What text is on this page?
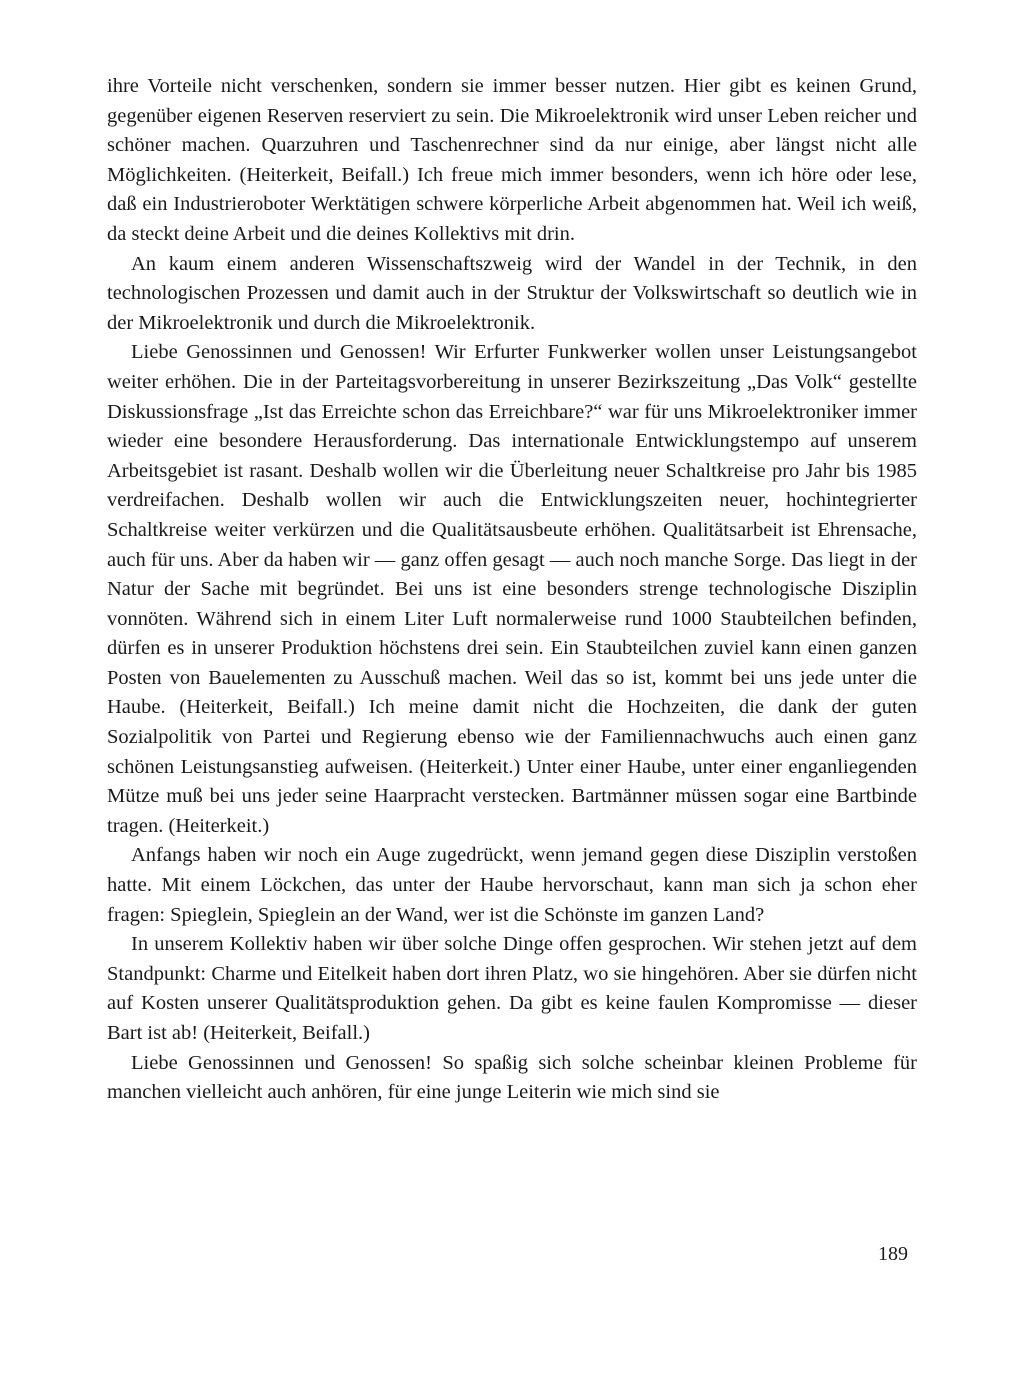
ihre Vorteile nicht verschenken, sondern sie immer besser nutzen. Hier gibt es keinen Grund, gegenüber eigenen Reserven reserviert zu sein. Die Mikroelektronik wird unser Leben reicher und schöner machen. Quarzuhren und Taschenrechner sind da nur einige, aber längst nicht alle Möglichkeiten. (Heiterkeit, Beifall.) Ich freue mich immer besonders, wenn ich höre oder lese, daß ein Industrieroboter Werktätigen schwere körperliche Arbeit abgenommen hat. Weil ich weiß, da steckt deine Arbeit und die deines Kollektivs mit drin.

An kaum einem anderen Wissenschaftszweig wird der Wandel in der Technik, in den technologischen Prozessen und damit auch in der Struktur der Volkswirtschaft so deutlich wie in der Mikroelektronik und durch die Mikroelektronik.

Liebe Genossinnen und Genossen! Wir Erfurter Funkwerker wollen unser Leistungsangebot weiter erhöhen. Die in der Parteitagsvorbereitung in unserer Bezirkszeitung „Das Volk“ gestellte Diskussionsfrage „Ist das Erreichte schon das Erreichbare?“ war für uns Mikroelektroniker immer wieder eine besondere Herausforderung. Das internationale Entwicklungstempo auf unserem Arbeitsgebiet ist rasant. Deshalb wollen wir die Überleitung neuer Schaltkreise pro Jahr bis 1985 verdreifachen. Deshalb wollen wir auch die Entwicklungszeiten neuer, hochintegrierter Schaltkreise weiter verkürzen und die Qualitätsausbeute erhöhen. Qualitätsarbeit ist Ehrensache, auch für uns. Aber da haben wir — ganz offen gesagt — auch noch manche Sorge. Das liegt in der Natur der Sache mit begründet. Bei uns ist eine besonders strenge technologische Disziplin vonnöten. Während sich in einem Liter Luft normalerweise rund 1000 Staubteilchen befinden, dürfen es in unserer Produktion höchstens drei sein. Ein Staubteilchen zuviel kann einen ganzen Posten von Bauelementen zu Ausschuß machen. Weil das so ist, kommt bei uns jede unter die Haube. (Heiterkeit, Beifall.) Ich meine damit nicht die Hochzeiten, die dank der guten Sozialpolitik von Partei und Regierung ebenso wie der Familiennachwuchs auch einen ganz schönen Leistungsanstieg aufweisen. (Heiterkeit.) Unter einer Haube, unter einer enganliegenden Mütze muß bei uns jeder seine Haarpracht verstecken. Bartmänner müssen sogar eine Bartbinde tragen. (Heiterkeit.)

Anfangs haben wir noch ein Auge zugedrückt, wenn jemand gegen diese Disziplin verstoßen hatte. Mit einem Löckchen, das unter der Haube hervorschaut, kann man sich ja schon eher fragen: Spieglein, Spieglein an der Wand, wer ist die Schönste im ganzen Land?

In unserem Kollektiv haben wir über solche Dinge offen gesprochen. Wir stehen jetzt auf dem Standpunkt: Charme und Eitelkeit haben dort ihren Platz, wo sie hingehören. Aber sie dürfen nicht auf Kosten unserer Qualitätsproduktion gehen. Da gibt es keine faulen Kompromisse — dieser Bart ist ab! (Heiterkeit, Beifall.)

Liebe Genossinnen und Genossen! So spaßig sich solche scheinbar kleinen Probleme für manchen vielleicht auch anhören, für eine junge Leiterin wie mich sind sie

189
